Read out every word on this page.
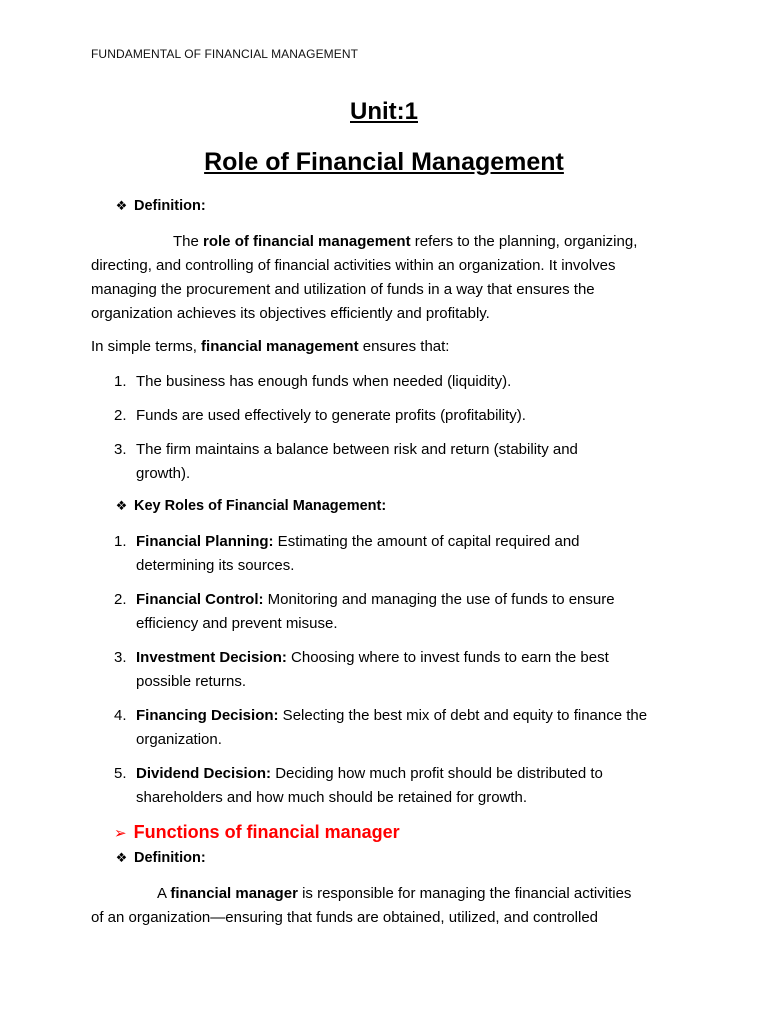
FUNDAMENTAL OF FINANCIAL MANAGEMENT
Unit:1
Role of Financial Management
❖ Definition:
The role of financial management refers to the planning, organizing,
directing, and controlling of financial activities within an organization. It involves
managing the procurement and utilization of funds in a way that ensures the
organization achieves its objectives efficiently and profitably.
In simple terms, financial management ensures that:
1. The business has enough funds when needed (liquidity).
2. Funds are used effectively to generate profits (profitability).
3. The firm maintains a balance between risk and return (stability and
growth).
❖ Key Roles of Financial Management:
1. Financial Planning: Estimating the amount of capital required and
determining its sources.
2. Financial Control: Monitoring and managing the use of funds to ensure
efficiency and prevent misuse.
3. Investment Decision: Choosing where to invest funds to earn the best
possible returns.
4. Financing Decision: Selecting the best mix of debt and equity to finance the
organization.
5. Dividend Decision: Deciding how much profit should be distributed to
shareholders and how much should be retained for growth.
➢ Functions of financial manager
❖ Definition:
A financial manager is responsible for managing the financial activities
of an organization—ensuring that funds are obtained, utilized, and controlled
